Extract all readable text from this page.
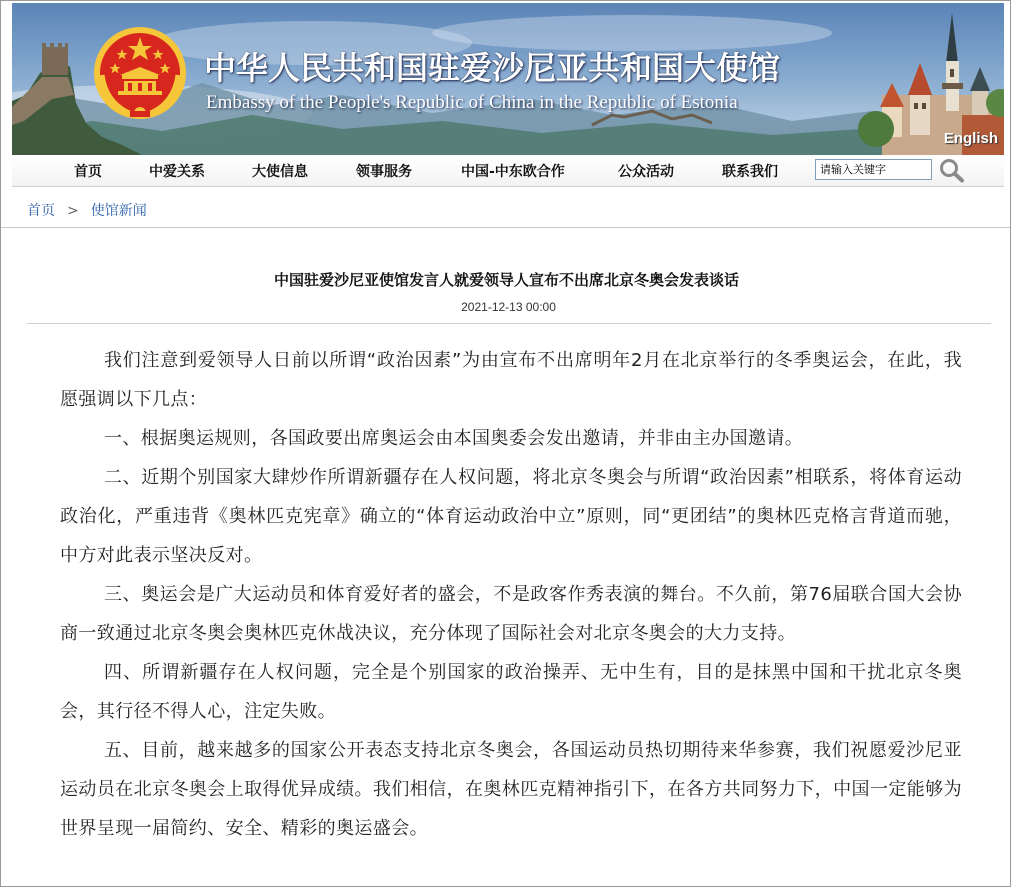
中华人民共和国驻爱沙尼亚共和国大使馆
Embassy of the People's Republic of China in the Republic of Estonia
English
首页	中爱关系	大使信息	领事服务	中国-中东欧合作	公众活动	联系我们
请输入关键字
首页 > 使馆新闻
中国驻爱沙尼亚使馆发言人就爱领导人宣布不出席北京冬奥会发表谈话
2021-12-13 00:00

我们注意到爱领导人日前以所谓“政治因素”为由宣布不出席明年2月在北京举行的冬季奥运会，在此，我愿强调以下几点：

一、根据奥运规则，各国政要出席奥运会由本国奥委会发出邀请，并非由主办国邀请。

二、近期个别国家大肆炒作所谓新疆存在人权问题，将北京冬奥会与所谓“政治因素”相联系，将体育运动政治化，严重违背《奥林匹克宪章》确立的“体育运动政治中立”原则，同“更团结”的奥林匹克格言背道而驰，中方对此表示坚决反对。

三、奥运会是广大运动员和体育爱好者的盛会，不是政客作秀表演的舞台。不久前，第76届联合国大会协商一致通过北京冬奥会奥林匹克休战决议，充分体现了国际社会对北京冬奥会的大力支持。

四、所谓新疆存在人权问题，完全是个别国家的政治操弄、无中生有，目的是抹黑中国和干扰北京冬奥会，其行径不得人心，注定失败。

五、目前，越来越多的国家公开表态支持北京冬奥会，各国运动员热切期待来华参赛，我们祝愿爱沙尼亚运动员在北京冬奥会上取得优异成绩。我们相信，在奥林匹克精神指引下，在各方共同努力下，中国一定能够为世界呈现一届简约、安全、精彩的奥运盛会。
